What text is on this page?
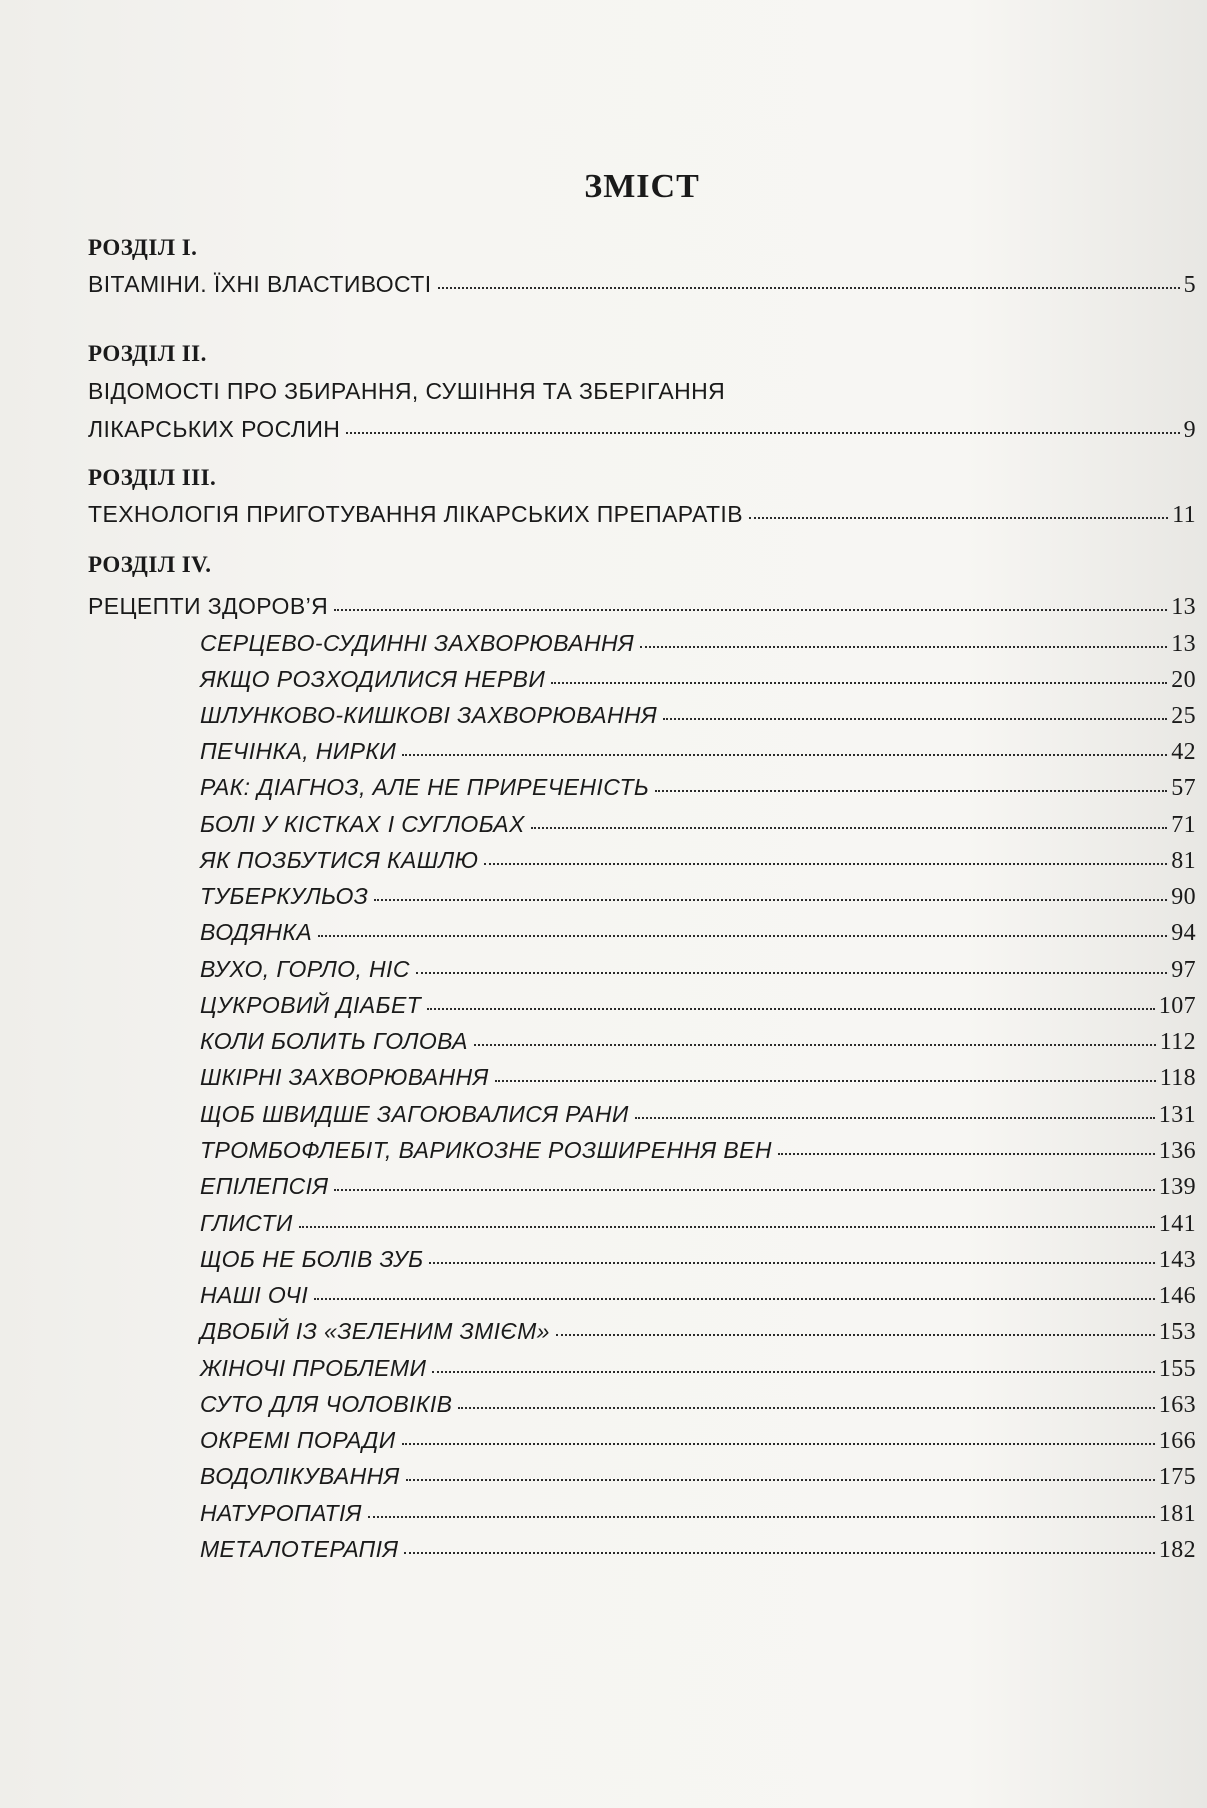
ЗМІСТ
РОЗДІЛ І.
ВІТАМІНИ. ЇХНІ ВЛАСТИВОСТІ	5
РОЗДІЛ ІІ.
ВІДОМОСТІ ПРО ЗБИРАННЯ, СУШІННЯ ТА ЗБЕРІГАННЯ
ЛІКАРСЬКИХ РОСЛИН	9
РОЗДІЛ ІІІ.
ТЕХНОЛОГІЯ ПРИГОТУВАННЯ ЛІКАРСЬКИХ ПРЕПАРАТІВ	11
РОЗДІЛ IV.
РЕЦЕПТИ ЗДОРОВ’Я	13
СЕРЦЕВО-СУДИННІ ЗАХВОРЮВАННЯ	13
ЯКЩО РОЗХОДИЛИСЯ НЕРВИ	20
ШЛУНКОВО-КИШКОВІ ЗАХВОРЮВАННЯ	25
ПЕЧІНКА, НИРКИ	42
РАК: ДІАГНОЗ, АЛЕ НЕ ПРИРЕЧЕНІСТЬ	57
БОЛІ У КІСТКАХ І СУГЛОБАХ	71
ЯК ПОЗБУТИСЯ КАШЛЮ	81
ТУБЕРКУЛЬОЗ	90
ВОДЯНКА	94
ВУХО, ГОРЛО, НІС	97
ЦУКРОВИЙ ДІАБЕТ	107
КОЛИ БОЛИТЬ ГОЛОВА	112
ШКІРНІ ЗАХВОРЮВАННЯ	118
ЩОБ ШВИДШЕ ЗАГОЮВАЛИСЯ РАНИ	131
ТРОМБОФЛЕБІТ, ВАРИКОЗНЕ РОЗШИРЕННЯ ВЕН	136
ЕПІЛЕПСІЯ	139
ГЛИСТИ	141
ЩОБ НЕ БОЛІВ ЗУБ	143
НАШІ ОЧІ	146
ДВОБІЙ ІЗ «ЗЕЛЕНИМ ЗМІЄМ»	153
ЖІНОЧІ ПРОБЛЕМИ	155
СУТО ДЛЯ ЧОЛОВІКІВ	163
ОКРЕМІ ПОРАДИ	166
ВОДОЛІКУВАННЯ	175
НАТУРОПАТІЯ	181
МЕТАЛОТЕРАПІЯ	182
